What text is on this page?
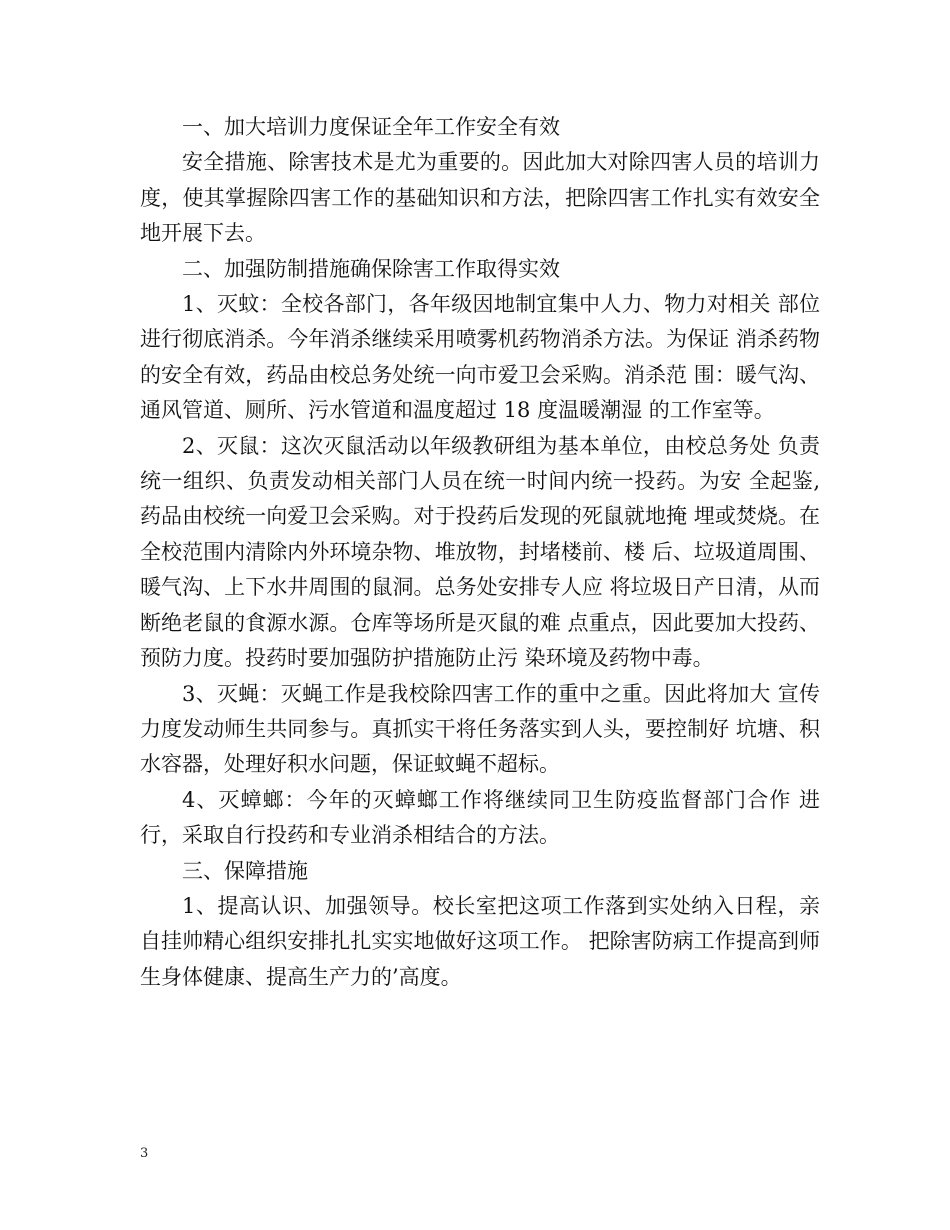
一、加大培训力度保证全年工作安全有效

安全措施、除害技术是尤为重要的。因此加大对除四害人员的培训力度，使其掌握除四害工作的基础知识和方法，把除四害工作扎实有效安全地开展下去。

二、加强防制措施确保除害工作取得实效

1、灭蚊：全校各部门，各年级因地制宜集中人力、物力对相关 部位进行彻底消杀。今年消杀继续采用喷雾机药物消杀方法。为保证 消杀药物的安全有效，药品由校总务处统一向市爱卫会采购。消杀范 围：暖气沟、通风管道、厕所、污水管道和温度超过 18 度温暖潮湿 的工作室等。

2、灭鼠：这次灭鼠活动以年级教研组为基本单位，由校总务处 负责统一组织、负责发动相关部门人员在统一时间内统一投药。为安 全起鉴,药品由校统一向爱卫会采购。对于投药后发现的死鼠就地掩 埋或焚烧。在全校范围内清除内外环境杂物、堆放物，封堵楼前、楼 后、垃圾道周围、暖气沟、上下水井周围的鼠洞。总务处安排专人应 将垃圾日产日清，从而断绝老鼠的食源水源。仓库等场所是灭鼠的难 点重点，因此要加大投药、预防力度。投药时要加强防护措施防止污 染环境及药物中毒。

3、灭蝇：灭蝇工作是我校除四害工作的重中之重。因此将加大 宣传力度发动师生共同参与。真抓实干将任务落实到人头，要控制好 坑塘、积水容器，处理好积水问题，保证蚊蝇不超标。

4、灭蟑螂：今年的灭蟑螂工作将继续同卫生防疫监督部门合作 进行，采取自行投药和专业消杀相结合的方法。

三、保障措施

1、提高认识、加强领导。校长室把这项工作落到实处纳入日程，亲自挂帅精心组织安排扎扎实实地做好这项工作。 把除害防病工作提高到师生身体健康、提高生产力的’高度。

3
